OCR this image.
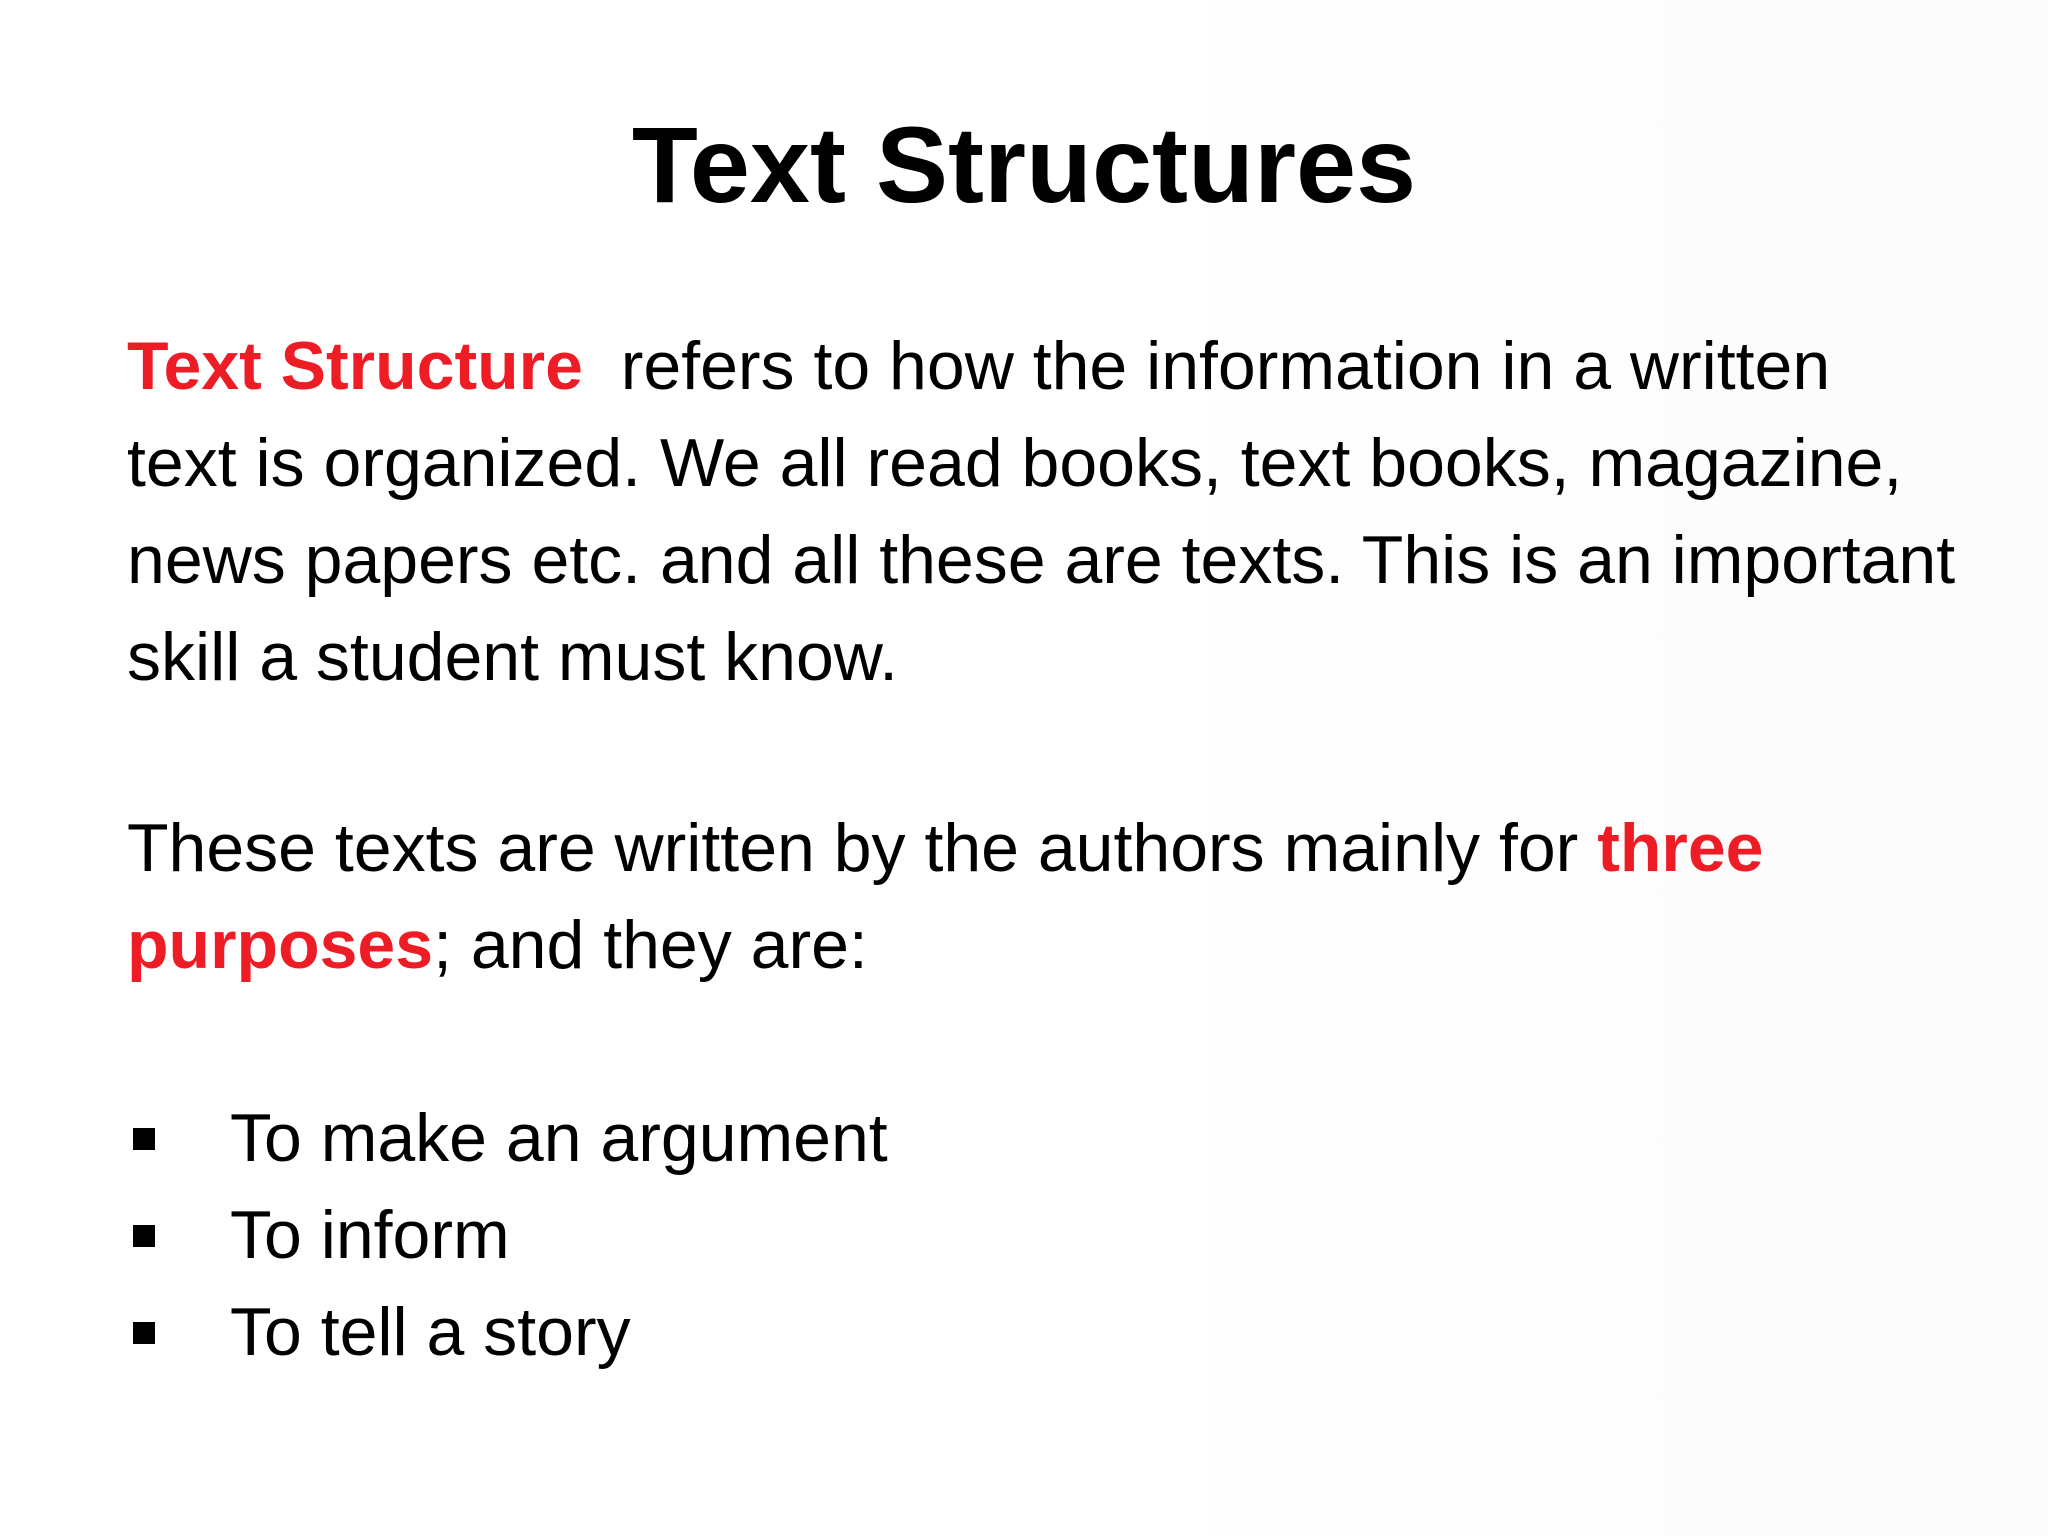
Text Structures
Text Structure  refers to how the information in a written text is organized. We all read books, text books, magazine, news papers etc. and all these are texts. This is an important skill a student must know.
These texts are written by the authors mainly for three purposes; and they are:
To make an argument
To inform
To tell a story
